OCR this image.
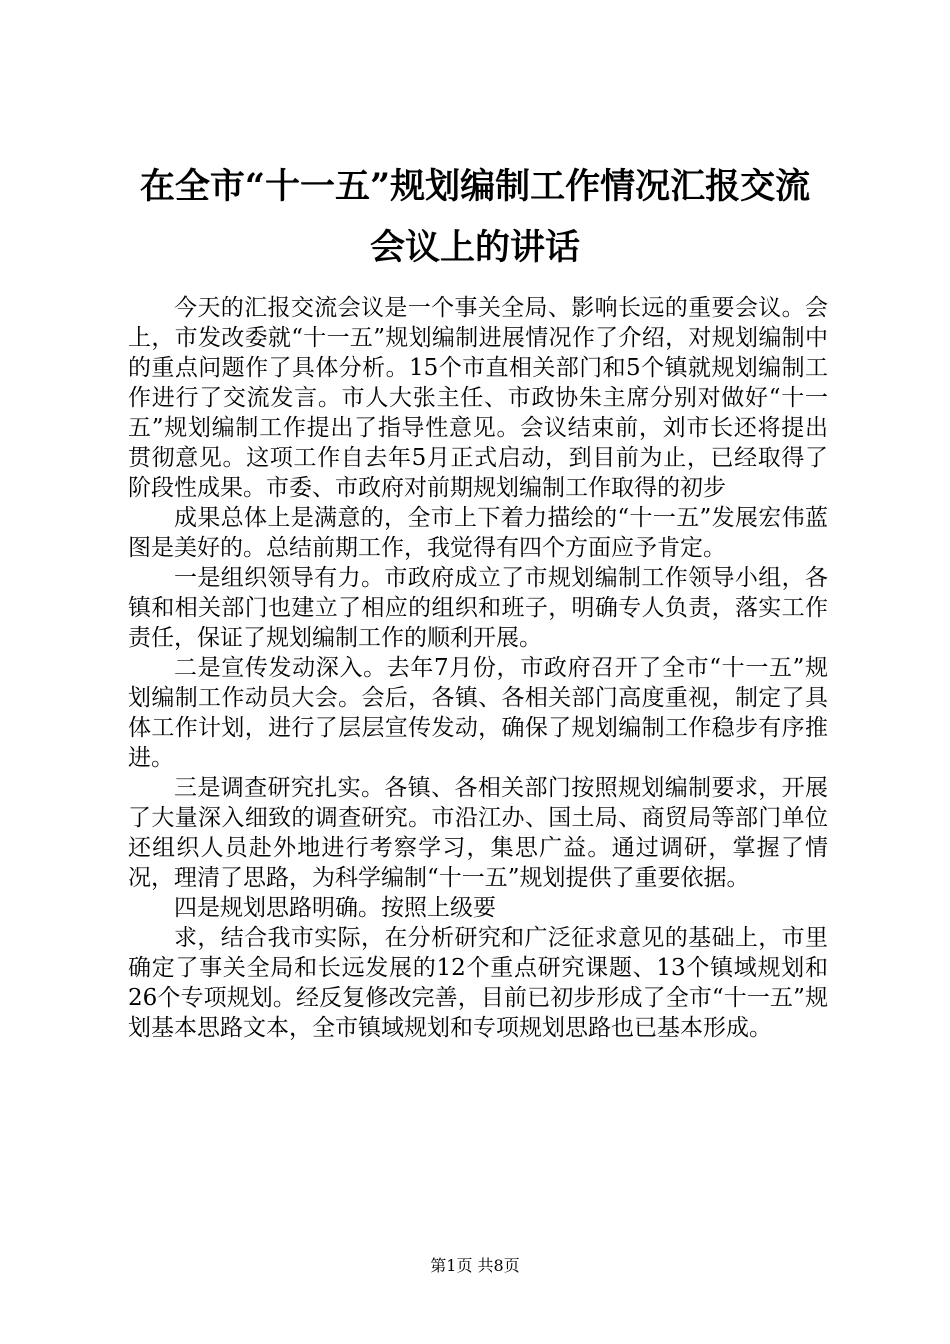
在全市“十一五”规划编制工作情况汇报交流
会议上的讲话

今天的汇报交流会议是一个事关全局、影响长远的重要会议。会上，市发改委就“十一五”规划编制进展情况作了介绍，对规划编制中的重点问题作了具体分析。15个市直相关部门和5个镇就规划编制工作进行了交流发言。市人大张主任、市政协朱主席分别对做好“十一五”规划编制工作提出了指导性意见。会议结束前，刘市长还将提出贯彻意见。这项工作自去年5月正式启动，到目前为止，已经取得了阶段性成果。市委、市政府对前期规划编制工作取得的初步

成果总体上是满意的，全市上下着力描绘的“十一五”发展宏伟蓝图是美好的。总结前期工作，我觉得有四个方面应予肯定。

一是组织领导有力。市政府成立了市规划编制工作领导小组，各镇和相关部门也建立了相应的组织和班子，明确专人负责，落实工作责任，保证了规划编制工作的顺利开展。

二是宣传发动深入。去年7月份，市政府召开了全市“十一五”规划编制工作动员大会。会后，各镇、各相关部门高度重视，制定了具体工作计划，进行了层层宣传发动，确保了规划编制工作稳步有序推进。

三是调查研究扎实。各镇、各相关部门按照规划编制要求，开展了大量深入细致的调查研究。市沿江办、国土局、商贸局等部门单位还组织人员赴外地进行考察学习，集思广益。通过调研，掌握了情况，理清了思路，为科学编制“十一五”规划提供了重要依据。

四是规划思路明确。按照上级要

求，结合我市实际，在分析研究和广泛征求意见的基础上，市里确定了事关全局和长远发展的12个重点研究课题、13个镇域规划和26个专项规划。经反复修改完善，目前已初步形成了全市“十一五”规划基本思路文本，全市镇域规划和专项规划思路也已基本形成。

第1页 共8页
